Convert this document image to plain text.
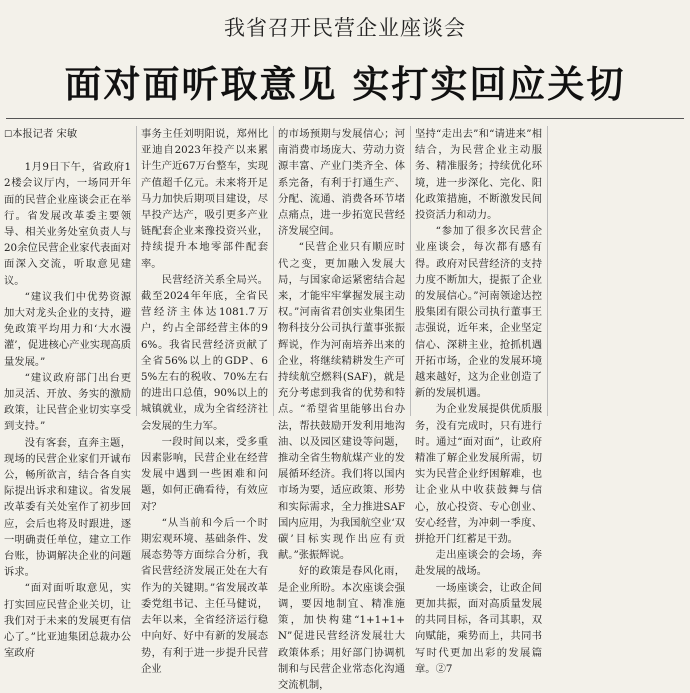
我省召开民营企业座谈会
面对面听取意见 实打实回应关切
☐本报记者 宋敏

1月9日下午，省政府12楼会议厅内，一场同开年面的民营企业座谈会正在举行。省发展改革委主要领导、相关业务处室负责人与20余位民营企业家代表面对面深入交流，听取意见建议。

“建议我们中优势资源加大对龙头企业的支持，避免政策平均用力和‘大水漫灌’，促进核心产业实现高质量发展。”

“建议政府部门出台更加灵活、开放、务实的激励政策，让民营企业切实享受到支持。”

没有客套，直奔主题，现场的民营企业家们开诚布公，畅所欲言，结合各自实际提出诉求和建议。省发展改革委有关处室作了初步回应，会后也将及时跟进，逐一明确责任单位，建立工作台账，协调解决企业的问题诉求。

“面对面听取意见，实打实回应民营企业关切，让我们对于未来的发展更有信心了。”比亚迪集团总裁办公室政府

事务主任刘明阳说，郑州比亚迪自2023年投产以来累计生产近67万台整车，实现产值超千亿元。未来将开足马力加快后期项目建设，尽早投产达产，吸引更多产业链配套企业来豫投资兴业，持续提升本地零部件配套率。

民营经济关系全局兴。截至2024年年底，全省民营经济主体达1081.7万户，约占全部经营主体的96%。我省民营经济贡献了全省56%以上的GDP、65%左右的税收、70%左右的进出口总值，90%以上的城镇就业，成为全省经济社会发展的生力军。

一段时间以来，受多重因素影响，民营企业在经营发展中遇到一些困难和问题，如何正确看待，有效应对？

“从当前和今后一个时期宏观环境、基础条件、发展态势等方面综合分析，我省民营经济发展正处在大有作为的关键期。”省发展改革委党组书记、主任马健说，去年以来，全省经济运行稳中向好、好中有新的发展态势，有利于进一步提升民营企业

的市场预期与发展信心；河南消费市场庞大、劳动力资源丰富、产业门类齐全、体系完备，有利于打通生产、分配、流通、消费各环节堵点痛点，进一步拓宽民营经济发展空间。

“民营企业只有顺应时代之变，更加融入发展大局，与国家命运紧密结合起来，才能牢牢掌握发展主动权。”河南省君创实业集团生物科技分公司执行董事张振辉说，作为河南培养出来的企业，将继续精耕发生产可持续航空燃料(SAF)，就是充分考虑到我省的优势和特点。“希望省里能够出台办法，帮扶鼓励开发利用地沟油、以及园区建设等问题，推动全省生物航煤产业的发展循环经济。我们将以国内市场为要，适应政策、形势和实际需求，全力推进SAF国内应用，为我国航空业‘双碳’目标实现作出应有贡献。”张振辉说。

好的政策是春风化雨，是企业所盼。本次座谈会强调，要因地制宜、精准施策，加快构建“1+1+1+N”促进民营经济发展壮大政策体系；用好部门协调机制和与民营企业常态化沟通交流机制，

坚持“走出去”和“请进来”相结合，为民营企业主动服务、精准服务；持续优化环境，进一步深化、完化、阳化政策措施，不断激发民间投资活力和动力。

“参加了很多次民营企业座谈会，每次都有感有得。政府对民营经济的支持力度不断加大，提振了企业的发展信心。”河南领途达控股集团有限公司执行董事王志强说，近年来，企业坚定信心、深耕主业，抢抓机遇开拓市场，企业的发展环境越来越好，这为企业创造了新的发展机遇。

为企业发展提供优质服务，没有完成时，只有进行时。通过“面对面”，让政府精准了解企业发展所需，切实为民营企业纾困解难，也让企业从中收获鼓舞与信心，放心投资、专心创业、安心经营，为冲刺一季度、拼抢开门红蓄足干劲。

走出座谈会的会场，奔赴发展的战场。

一场座谈会，让政企间更加共振，面对高质量发展的共同目标，各司其职，双向赋能，乘势而上，共同书写时代更加出彩的发展篇章。②7
